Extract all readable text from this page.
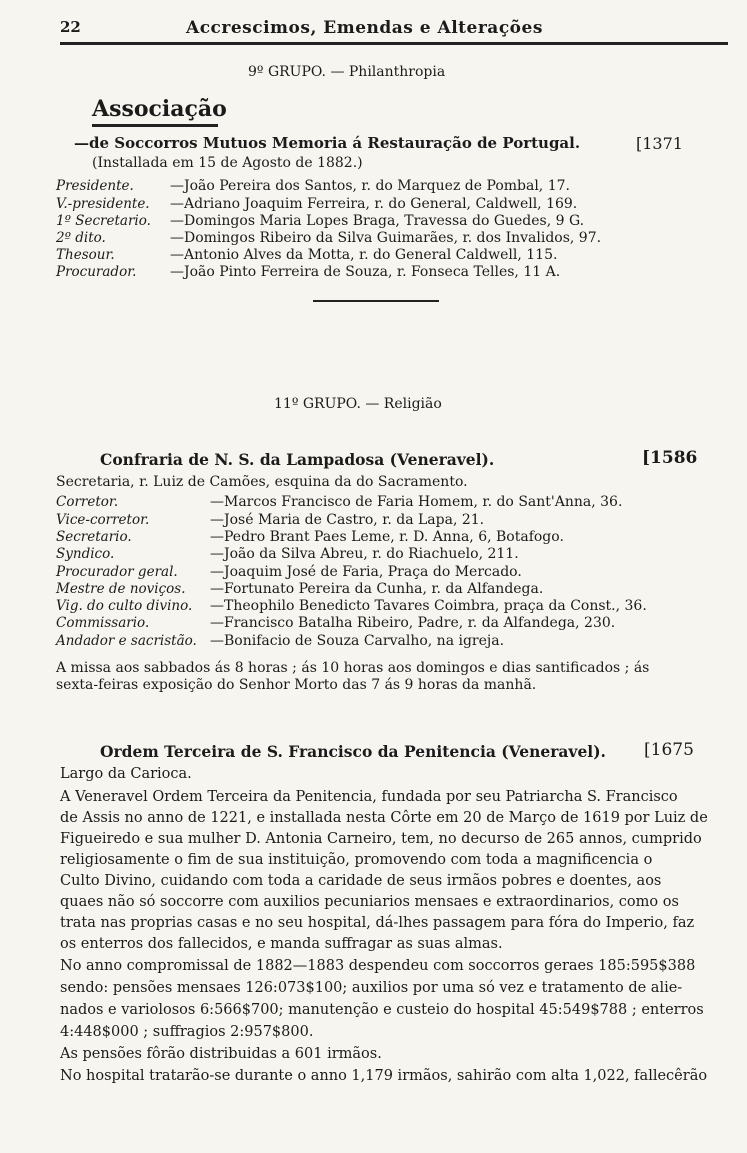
22	Accrescimos, Emendas e Alterações
9º GRUPO. — Philanthropia
Associação
—de Soccorros Mutuos Memoria á Restauração de Portugal.	[1371
(Installada em 15 de Agosto de 1882.)
Presidente.	—João Pereira dos Santos, r. do Marquez de Pombal, 17.
V.-presidente. —Adriano Joaquim Ferreira, r. do General, Caldwell, 169.
1º Secretario. —Domingos Maria Lopes Braga, Travessa do Guedes, 9 G.
2º dito.	—Domingos Ribeiro da Silva Guimarães, r. dos Invalidos, 97.
Thesour.	—Antonio Alves da Motta, r. do General Caldwell, 115.
Procurador. —João Pinto Ferreira de Souza, r. Fonseca Telles, 11 A.
11º GRUPO. — Religião
Confraria de N. S. da Lampadosa (Veneravel).	[1586
Secretaria, r. Luiz de Camões, esquina da do Sacramento.
Corretor.	—Marcos Francisco de Faria Homem, r. do Sant'Anna, 36.
Vice-corretor.	—José Maria de Castro, r. da Lapa, 21.
Secretario.	—Pedro Brant Paes Leme, r. D. Anna, 6, Botafogo.
Syndico.	—João da Silva Abreu, r. do Riachuelo, 211.
Procurador geral. —Joaquim José de Faria, Praça do Mercado.
Mestre de noviços. —Fortunato Pereira da Cunha, r. da Alfandega.
Vig. do culto divino. —Theophilo Benedicto Tavares Coimbra, praça da Const., 36.
Commissario.	—Francisco Batalha Ribeiro, Padre, r. da Alfandega, 230.
Andador e sacristão. —Bonifacio de Souza Carvalho, na igreja.
A missa aos sabbados ás 8 horas ; ás 10 horas aos domingos e dias santificados ; ás
sexta-feiras exposição do Senhor Morto das 7 ás 9 horas da manhã.
Ordem Terceira de S. Francisco da Penitencia (Veneravel). [1675
Largo da Carioca.
A Veneravel Ordem Terceira da Penitencia, fundada por seu Patriarcha S. Francisco
de Assis no anno de 1221, e installada nesta Côrte em 20 de Março de 1619 por Luiz de
Figueiredo e sua mulher D. Antonia Carneiro, tem, no decurso de 265 annos, cumprido
religiosamente o fim de sua instituição, promovendo com toda a magnificencia o
Culto Divino, cuidando com toda a caridade de seus irmãos pobres e doentes, aos
quaes não só soccorre com auxilios pecuniarios mensaes e extraordinarios, como os
trata nas proprias casas e no seu hospital, dá-lhes passagem para fóra do Imperio, faz
os enterros dos fallecidos, e manda suffragar as suas almas.
No anno compromissal de 1882—1883 despendeu com soccorros geraes 185:595$388
sendo: pensões mensaes 126:073$100; auxilios por uma só vez e tratamento de alie-
nados e variolosos 6:566$700; manutenção e custeio do hospital 45:549$788 ; enterros
4:448$000 ; suffragios 2:957$800.
As pensões fôrão distribuidas a 601 irmãos.
No hospital tratarão-se durante o anno 1,179 irmãos, sahirão com alta 1,022, fallecêrão
